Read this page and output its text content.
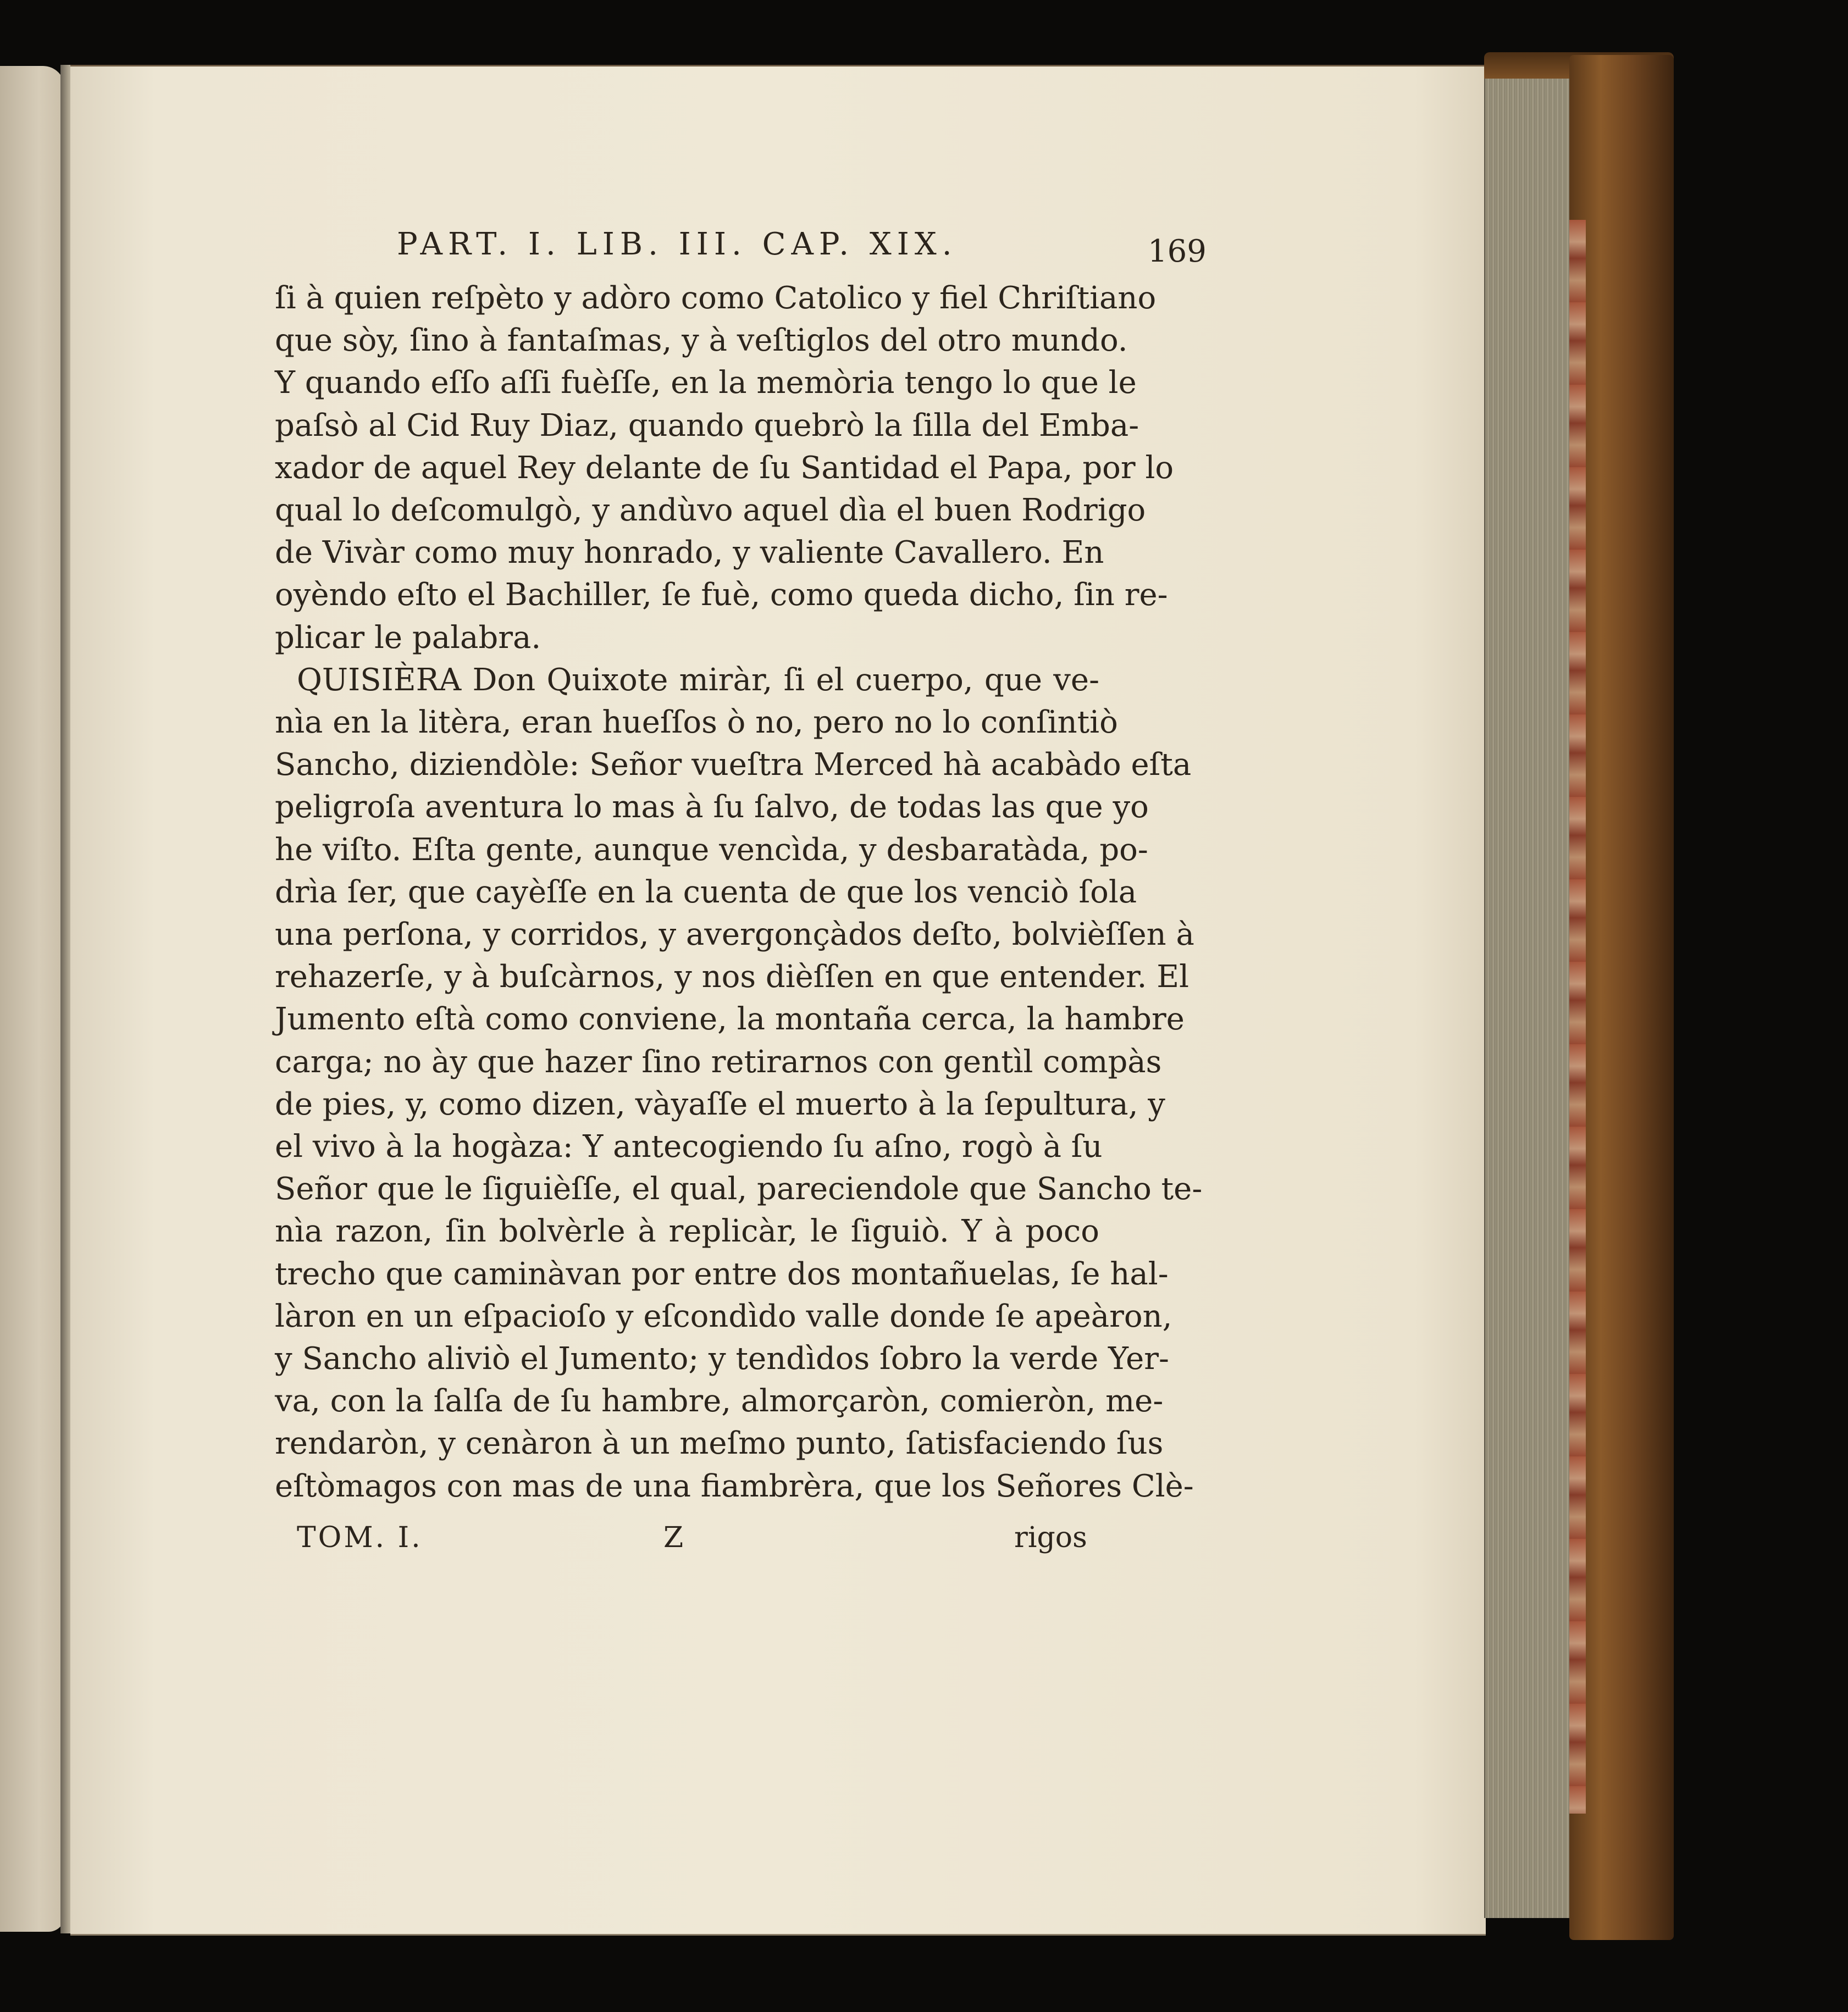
PART. I. LIB. III. CAP. XIX.	169
ſi à quien reſpèto y adòro como Catolico y fiel Chriſtiano
que sòy, ſino à fantaſmas, y à veſtiglos del otro mundo.
Y quando eſſo aſſi fuèſſe, en la memòria tengo lo que le
paſsò al Cid Ruy Diaz, quando quebrò la ſilla del Emba-
xador de aquel Rey delante de ſu Santidad el Papa, por lo
qual lo deſcomulgò, y andùvo aquel dìa el buen Rodrigo
de Vivàr como muy honrado, y valiente Cavallero. En
oyèndo eſto el Bachiller, ſe fuè, como queda dicho, ſin re-
plicar le palabra.
QUISIÈRA Don Quixote miràr, ſi el cuerpo, que ve-
nìa en la litèra, eran hueſſos ò no, pero no lo conſintiò
Sancho, diziendòle: Señor vueſtra Merced hà acabàdo eſta
peligroſa aventura lo mas à ſu ſalvo, de todas las que yo
he viſto. Eſta gente, aunque vencìda, y desbaratàda, po-
drìa ſer, que cayèſſe en la cuenta de que los venciò ſola
una perſona, y corridos, y avergonçàdos deſto, bolvièſſen à
rehazerſe, y à buſcàrnos, y nos dièſſen en que entender. El
Jumento eſtà como conviene, la montaña cerca, la hambre
carga; no ày que hazer ſino retirarnos con gentìl compàs
de pies, y, como dizen, vàyaſſe el muerto à la ſepultura, y
el vivo à la hogàza: Y antecogiendo ſu aſno, rogò à ſu
Señor que le ſiguièſſe, el qual, pareciendole que Sancho te-
nìa razon, ſin bolvèrle à replicàr, le ſiguiò. Y à poco
trecho que caminàvan por entre dos montañuelas, ſe hal-
làron en un eſpacioſo y eſcondìdo valle donde ſe apeàron,
y Sancho aliviò el Jumento; y tendìdos ſobro la verde Yer-
va, con la ſalſa de ſu hambre, almorçaròn, comieròn, me-
rendaròn, y cenàron à un meſmo punto, ſatisfaciendo ſus
eſtòmagos con mas de una fiambrèra, que los Señores Clè-
TOM. I.	Z	rigos
